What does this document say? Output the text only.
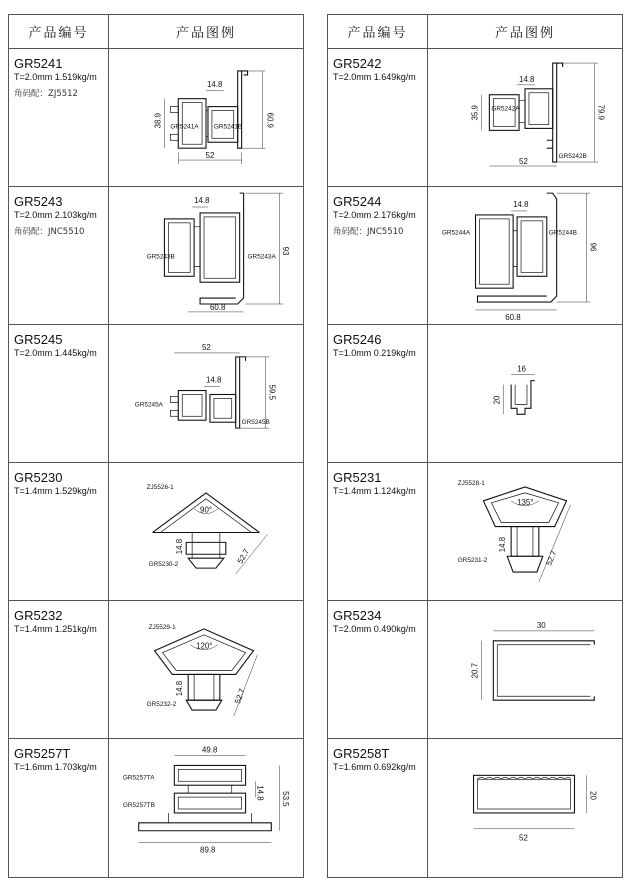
产品编号	产品图例
GR5241
T=2.0mm 1.519kg/m
角码配：ZJ5512
52
60.9
38.9
14.8
GR5241A GR5241B
GR5243
T=2.0mm 2.103kg/m
角码配：JNC5510
60.8
93
14.8
GR5243B	GR5243A
GR5245
T=2.0mm 1.445kg/m
52
59.5
14.8
GR5245A
GR5245B
GR5230
T=1.4mm 1.529kg/m
90°
52.7
14.8
ZJ5526-1
GR5230-2
GR5232
T=1.4mm 1.251kg/m
120°
52.7
14.8
ZJ5529-1
GR5232-2
GR5257T
T=1.6mm 1.703kg/m
49.8
89.8
53.5
14.8
GR5257TA
GR5257TB
产品编号	产品图例
GR5242
T=2.0mm 1.649kg/m
52
79.9
35.9
14.8
GR5242A
GR5242B
GR5244
T=2.0mm 2.176kg/m
角码配：JNC5510
60.8
96
14.8
GR5244A	GR5244B
GR5246
T=1.0mm 0.219kg/m
16
20
GR5231
T=1.4mm 1.124kg/m
135°
52.7
14.8
ZJ5528-1
GR5231-2
GR5234
T=2.0mm 0.490kg/m	30
20.7
GR5258T
T=1.6mm 0.692kg/m
52
20
